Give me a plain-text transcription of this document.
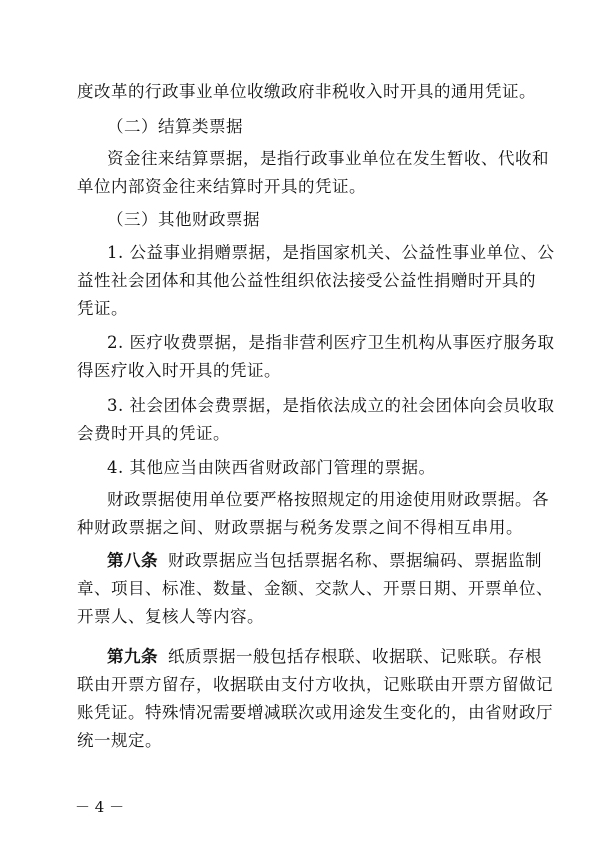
度改革的行政事业单位收缴政府非税收入时开具的通用凭证。
（二）结算类票据
资金往来结算票据，是指行政事业单位在发生暂收、代收和
单位内部资金往来结算时开具的凭证。
（三）其他财政票据
1. 公益事业捐赠票据，是指国家机关、公益性事业单位、公
益性社会团体和其他公益性组织依法接受公益性捐赠时开具的
凭证。
2. 医疗收费票据，是指非营利医疗卫生机构从事医疗服务取
得医疗收入时开具的凭证。
3. 社会团体会费票据，是指依法成立的社会团体向会员收取
会费时开具的凭证。
4. 其他应当由陕西省财政部门管理的票据。
财政票据使用单位要严格按照规定的用途使用财政票据。各
种财政票据之间、财政票据与税务发票之间不得相互串用。
第八条 财政票据应当包括票据名称、票据编码、票据监制
章、项目、标准、数量、金额、交款人、开票日期、开票单位、
开票人、复核人等内容。
第九条 纸质票据一般包括存根联、收据联、记账联。存根
联由开票方留存，收据联由支付方收执，记账联由开票方留做记
账凭证。特殊情况需要增减联次或用途发生变化的，由省财政厅
统一规定。
－ 4 －
